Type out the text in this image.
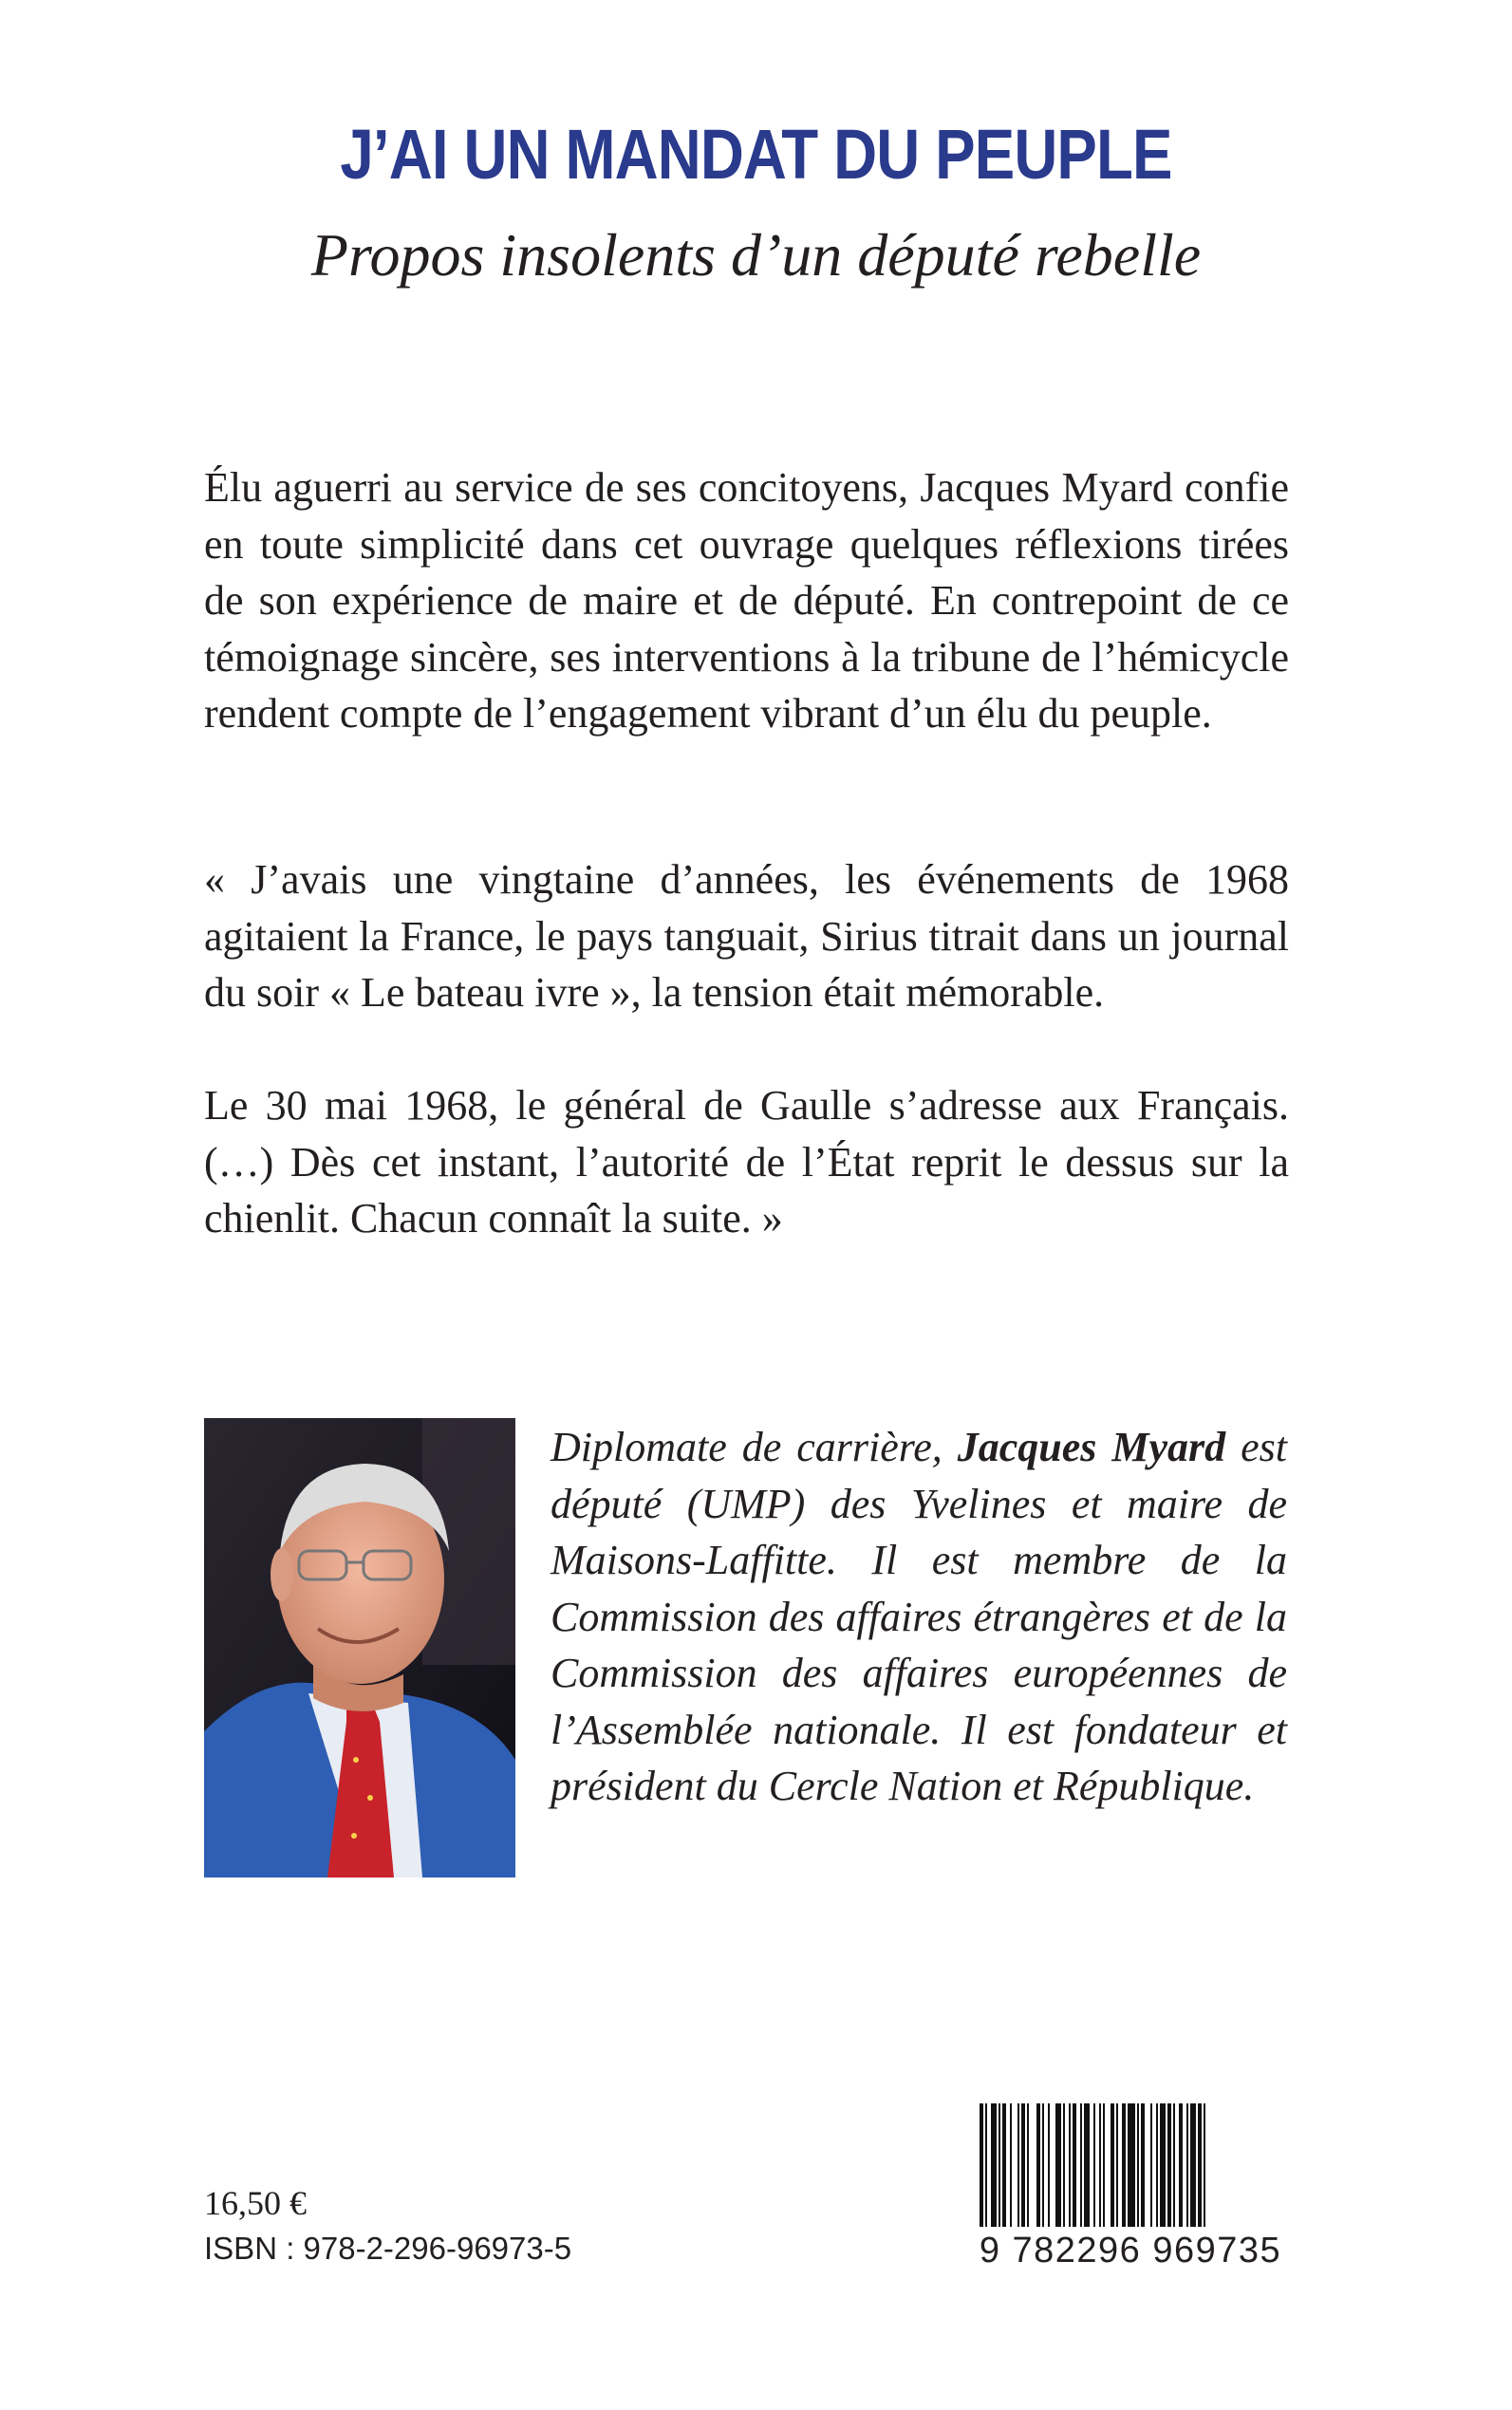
J’AI UN MANDAT DU PEUPLE

Propos insolents d’un député rebelle

Élu aguerri au service de ses concitoyens, Jacques Myard confie en toute simplicité dans cet ouvrage quelques réflexions tirées de son expérience de maire et de député. En contrepoint de ce témoignage sincère, ses interventions à la tribune de l’hémicycle rendent compte de l’engagement vibrant d’un élu du peuple.

« J’avais une vingtaine d’années, les événements de 1968 agitaient la France, le pays tanguait, Sirius titrait dans un journal du soir « Le bateau ivre », la tension était mémorable.

Le 30 mai 1968, le général de Gaulle s’adresse aux Français. (…) Dès cet instant, l’autorité de l’État reprit le dessus sur la chienlit. Chacun connaît la suite. »

Diplomate de carrière, Jacques Myard est député (UMP) des Yvelines et maire de Maisons-Laffitte. Il est membre de la Commission des affaires étrangères et de la Commission des affaires européennes de l’Assemblée nationale. Il est fondateur et président du Cercle Nation et République.

16,50 €

ISBN : 978-2-296-96973-5	9 782296 969735
